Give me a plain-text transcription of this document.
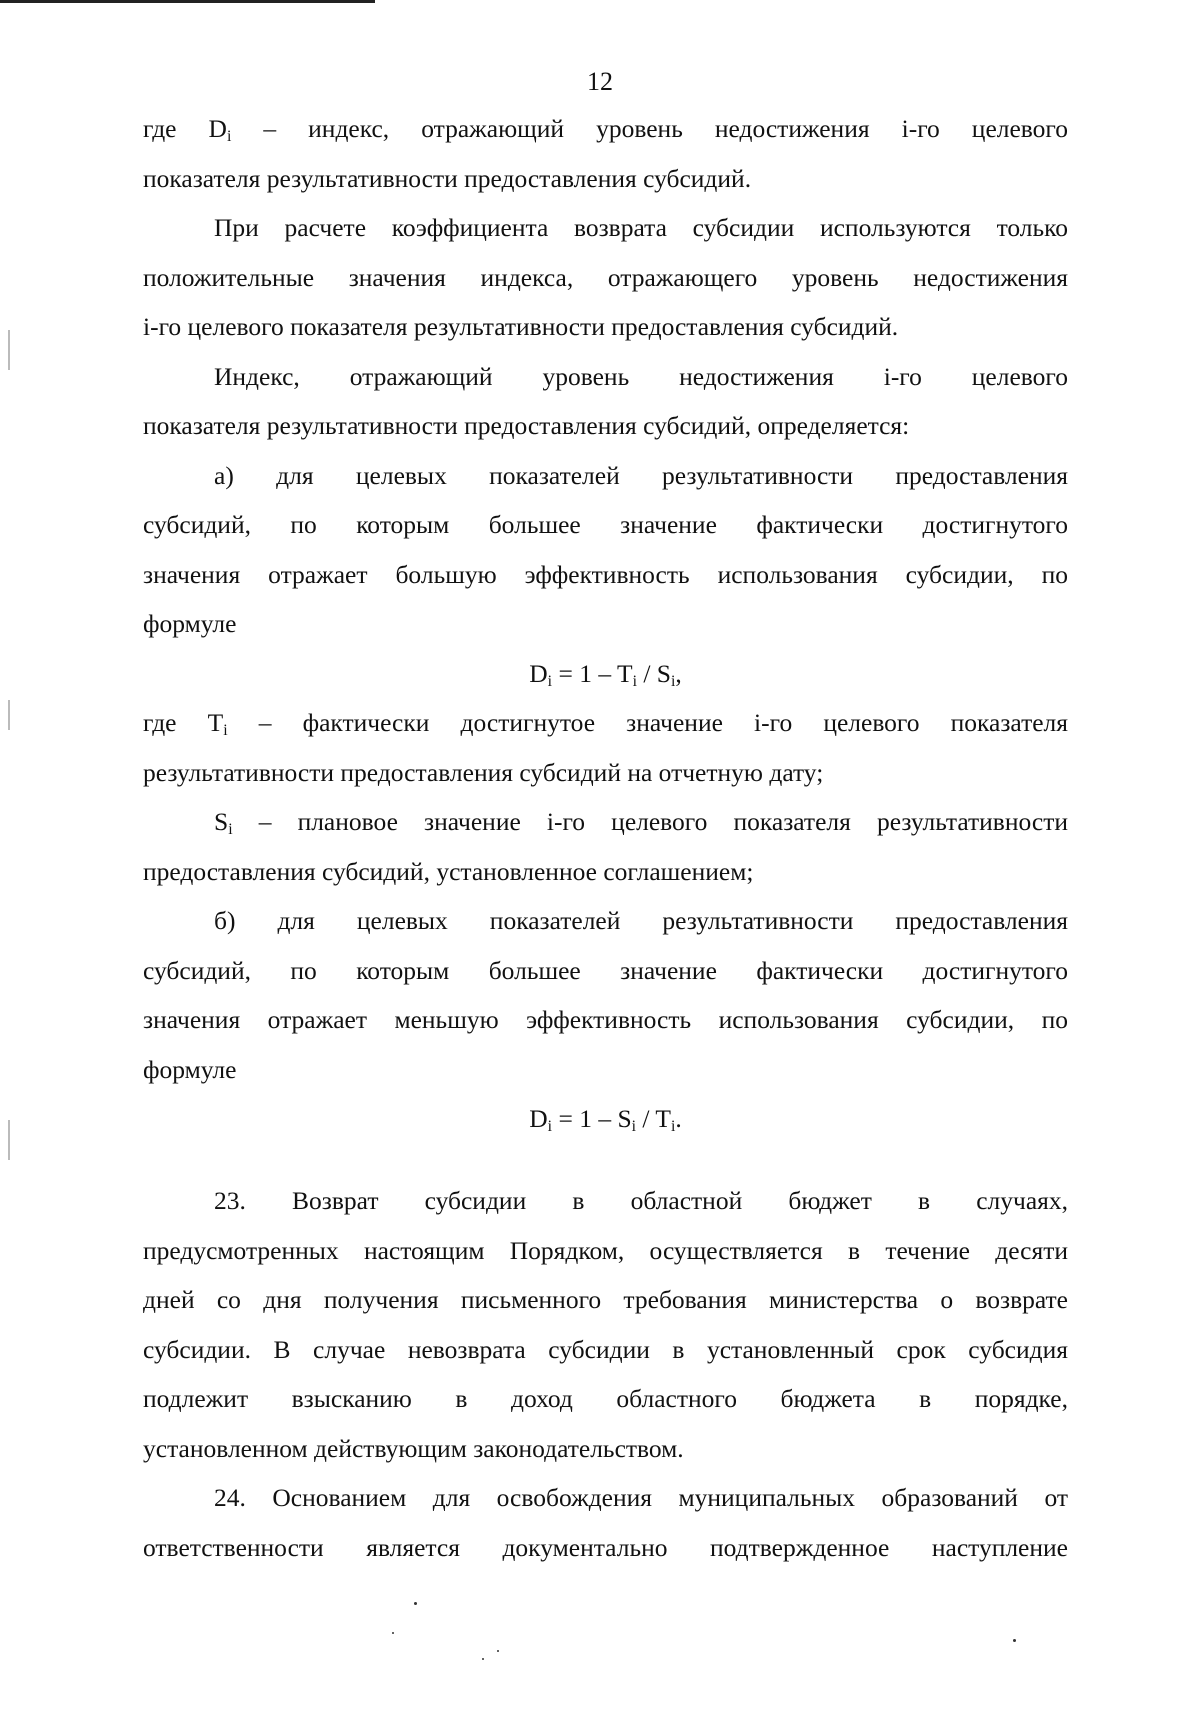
12
где $D_i$ – индекс, отражающий уровень недостижения i-го целевого
показателя результативности предоставления субсидий.
При расчете коэффициента возврата субсидии используются только
положительные значения индекса, отражающего уровень недостижения
i-го целевого показателя результативности предоставления субсидий.
Индекс, отражающий уровень недостижения i-го целевого
показателя результативности предоставления субсидий, определяется:
а) для целевых показателей результативности предоставления
субсидий, по которым большее значение фактически достигнутого
значения отражает большую эффективность использования субсидии, по
формуле
$D_i = 1 - T_i / S_i$,
где $T_i$ – фактически достигнутое значение i-го целевого показателя
результативности предоставления субсидий на отчетную дату;
$S_i$ – плановое значение i-го целевого показателя результативности
предоставления субсидий, установленное соглашением;
б) для целевых показателей результативности предоставления
субсидий, по которым большее значение фактически достигнутого
значения отражает меньшую эффективность использования субсидии, по
формуле
$D_i = 1 - S_i / T_i$.
23. Возврат субсидии в областной бюджет в случаях,
предусмотренных настоящим Порядком, осуществляется в течение десяти
дней со дня получения письменного требования министерства о возврате
субсидии. В случае невозврата субсидии в установленный срок субсидия
подлежит взысканию в доход областного бюджета в порядке,
установленном действующим законодательством.
24. Основанием для освобождения муниципальных образований от
ответственности является документально подтвержденное наступление
